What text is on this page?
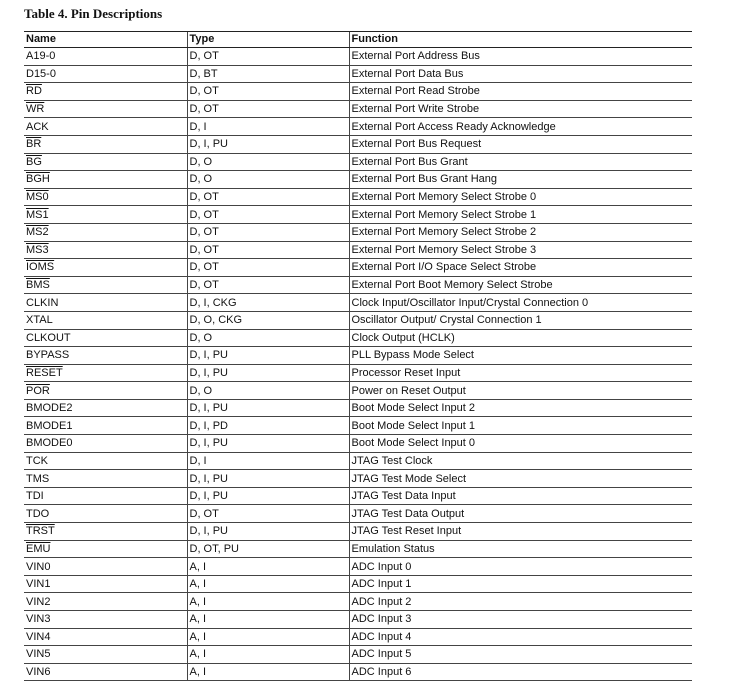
Table 4. Pin Descriptions
Name	Type	Function
A19-0	D, OT	External Port Address Bus
D15-0	D, BT	External Port Data Bus
$\overline{RD}$	D, OT	External Port Read Strobe
$\overline{WR}$	D, OT	External Port Write Strobe
ACK	D, I	External Port Access Ready Acknowledge
$\overline{BR}$	D, I, PU	External Port Bus Request
$\overline{BG}$	D, O	External Port Bus Grant
$\overline{BGH}$	D, O	External Port Bus Grant Hang
MS0	D, OT	External Port Memory Select Strobe 0
MS1	D, OT	External Port Memory Select Strobe 1
MS2	D, OT	External Port Memory Select Strobe 2
MS3	D, OT	External Port Memory Select Strobe 3
IOMS	D, OT	External Port I/O Space Select Strobe
$\overline{BMS}$	D, OT	External Port Boot Memory Select Strobe
CLKIN	D, I, CKG	Clock Input/Oscillator Input/Crystal Connection 0
XTAL	D, O, CKG	Oscillator Output/ Crystal Connection 1
CLKOUT	D, O	Clock Output (HCLK)
BYPASS	D, I, PU	PLL Bypass Mode Select
RESET	D, I, PU	Processor Reset Input
$\overline{POR}$	D, O	Power on Reset Output
BMODE2	D, I, PU	Boot Mode Select Input 2
BMODE1	D, I, PD	Boot Mode Select Input 1
BMODE0	D, I, PU	Boot Mode Select Input 0
TCK	D, I	JTAG Test Clock
TMS	D, I, PU	JTAG Test Mode Select
TDI	D, I, PU	JTAG Test Data Input
TDO	D, OT	JTAG Test Data Output
TRST	D, I, PU	JTAG Test Reset Input
$\overline{EMU}$	D, OT, PU	Emulation Status
VIN0	A, I	ADC Input 0
VIN1	A, I	ADC Input 1
VIN2	A, I	ADC Input 2
VIN3	A, I	ADC Input 3
VIN4	A, I	ADC Input 4
VIN5	A, I	ADC Input 5
VIN6	A, I	ADC Input 6
